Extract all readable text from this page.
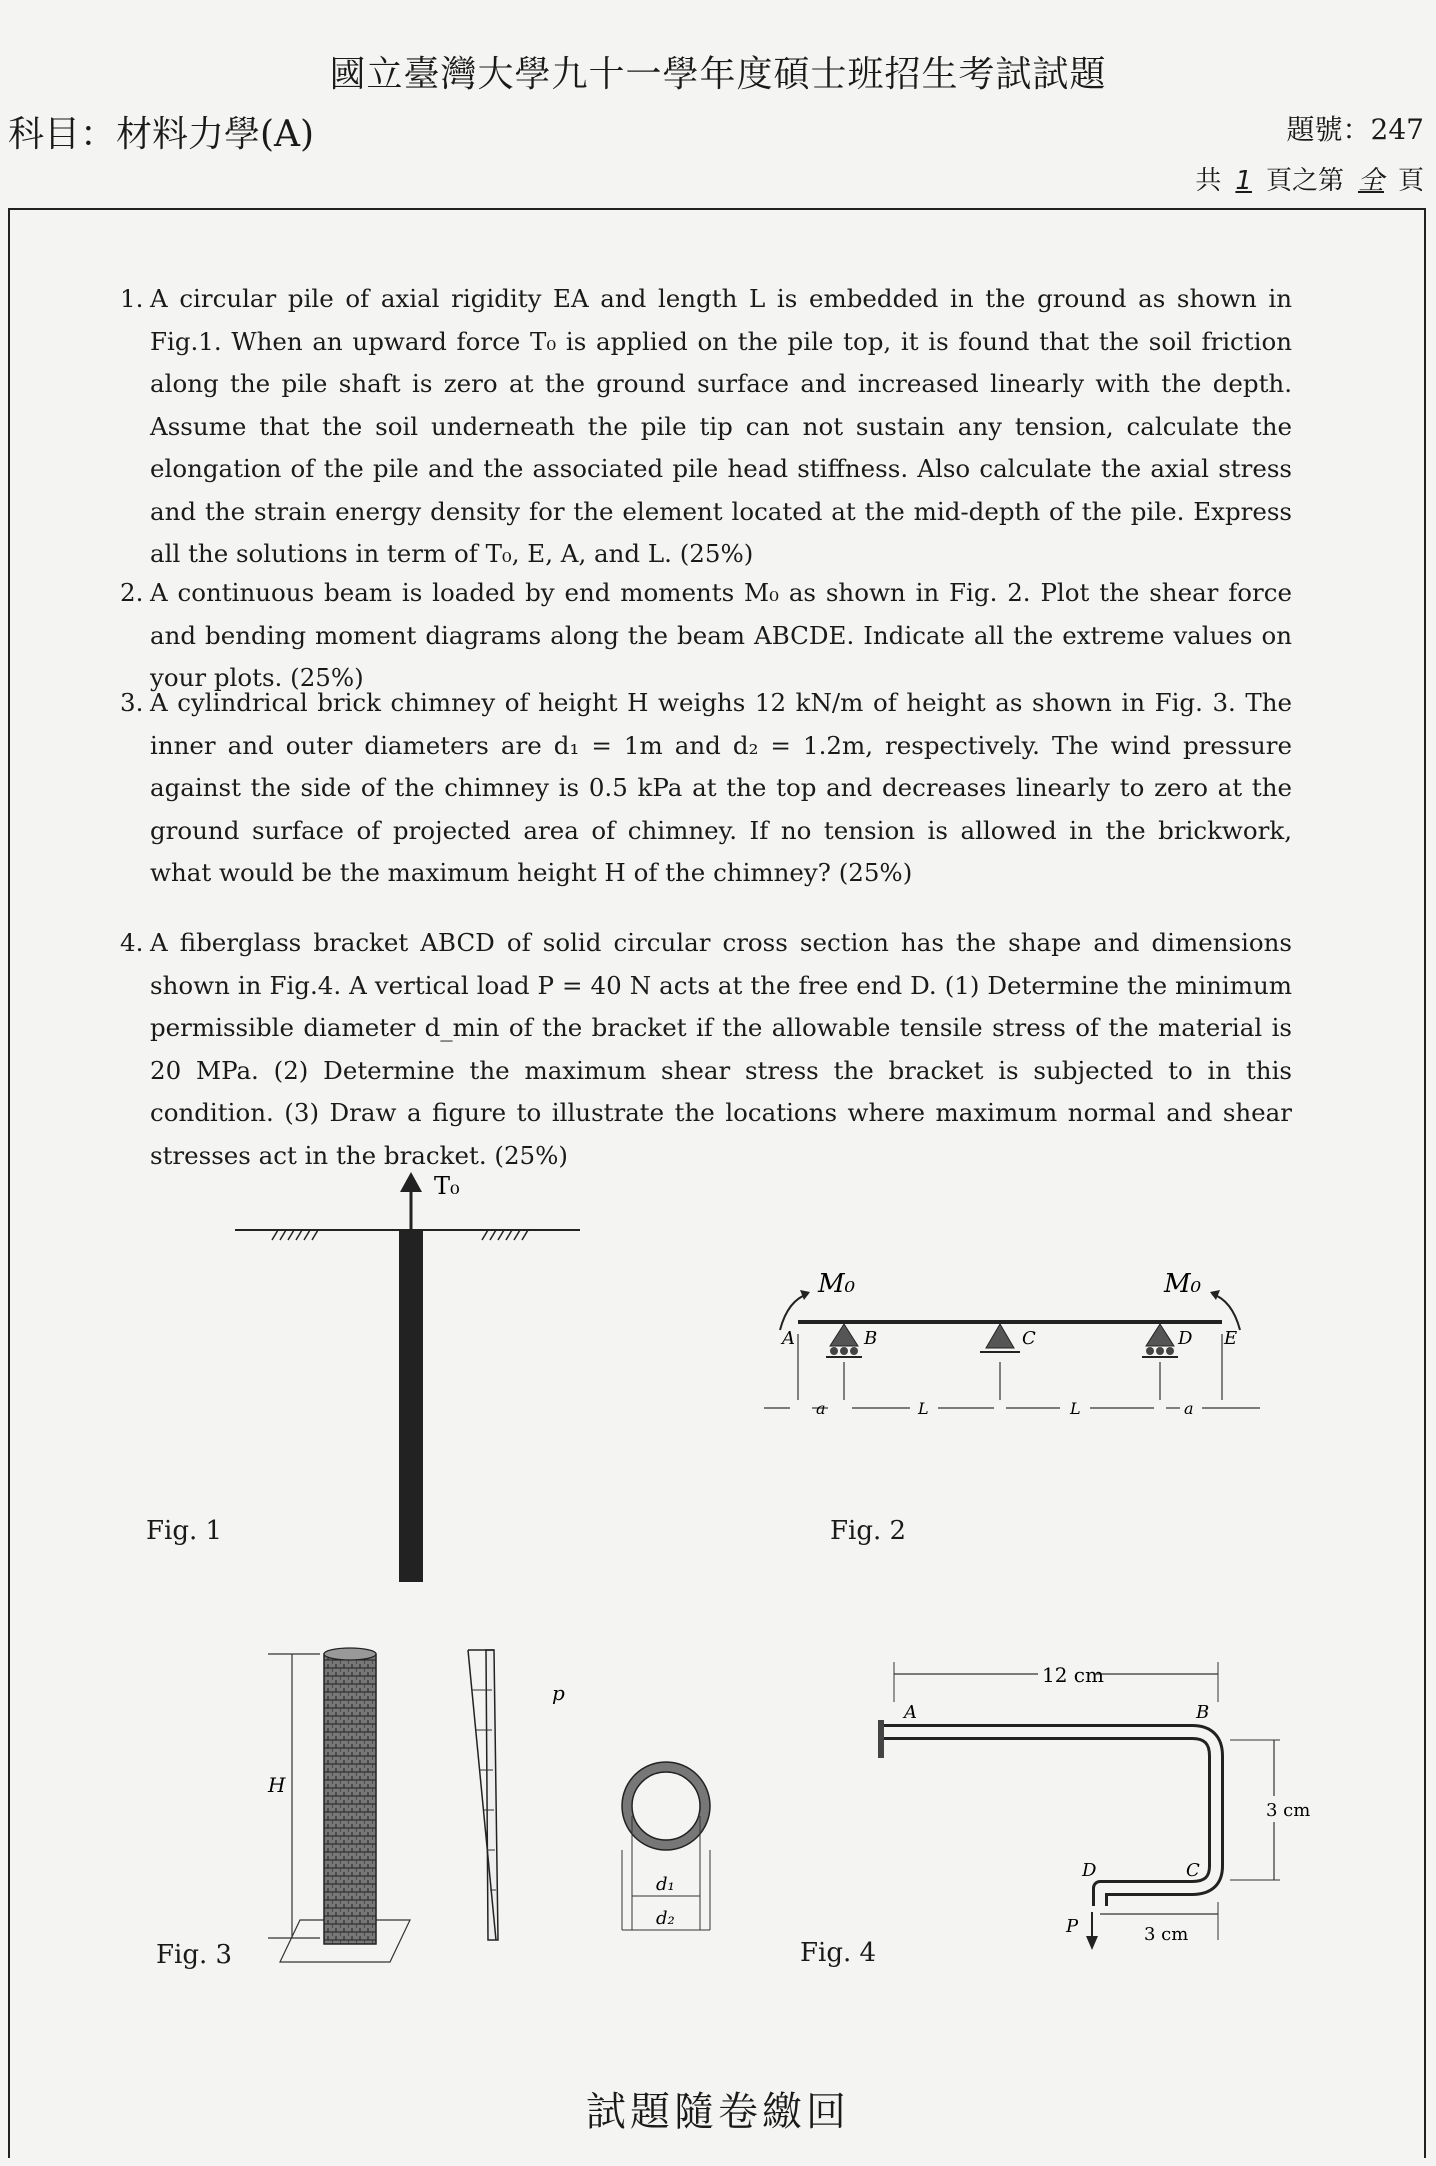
國立臺灣大學九十一學年度碩士班招生考試試題
科目：材料力學(A)	題號：247
共 1 頁之第 全 頁
1. A circular pile of axial rigidity EA and length L is embedded in the ground as shown in Fig.1. When an upward force T₀ is applied on the pile top, it is found that the soil friction along the pile shaft is zero at the ground surface and increased linearly with the depth. Assume that the soil underneath the pile tip can not sustain any tension, calculate the elongation of the pile and the associated pile head stiffness. Also calculate the axial stress and the strain energy density for the element located at the mid-depth of the pile. Express all the solutions in term of T₀, E, A, and L. (25%)
2. A continuous beam is loaded by end moments M₀ as shown in Fig. 2. Plot the shear force and bending moment diagrams along the beam ABCDE. Indicate all the extreme values on your plots. (25%)
3. A cylindrical brick chimney of height H weighs 12 kN/m of height as shown in Fig. 3. The inner and outer diameters are d₁ = 1m and d₂ = 1.2m, respectively. The wind pressure against the side of the chimney is 0.5 kPa at the top and decreases linearly to zero at the ground surface of projected area of chimney. If no tension is allowed in the brickwork, what would be the maximum height H of the chimney? (25%)
4. A fiberglass bracket ABCD of solid circular cross section has the shape and dimensions shown in Fig.4. A vertical load P = 40 N acts at the free end D. (1) Determine the minimum permissible diameter d_min of the bracket if the allowable tensile stress of the material is 20 MPa. (2) Determine the maximum shear stress the bracket is subjected to in this condition. (3) Draw a figure to illustrate the locations where maximum normal and shear stresses act in the bracket. (25%)
Fig. 1	Fig. 2
Fig. 3	Fig. 4
T₀
M₀	M₀
A	B	C	D E
a	L	L	a
H
p
d₁
d₂
12 cm
A	B
C
D
3 cm
P	3 cm
試題隨卷繳回
